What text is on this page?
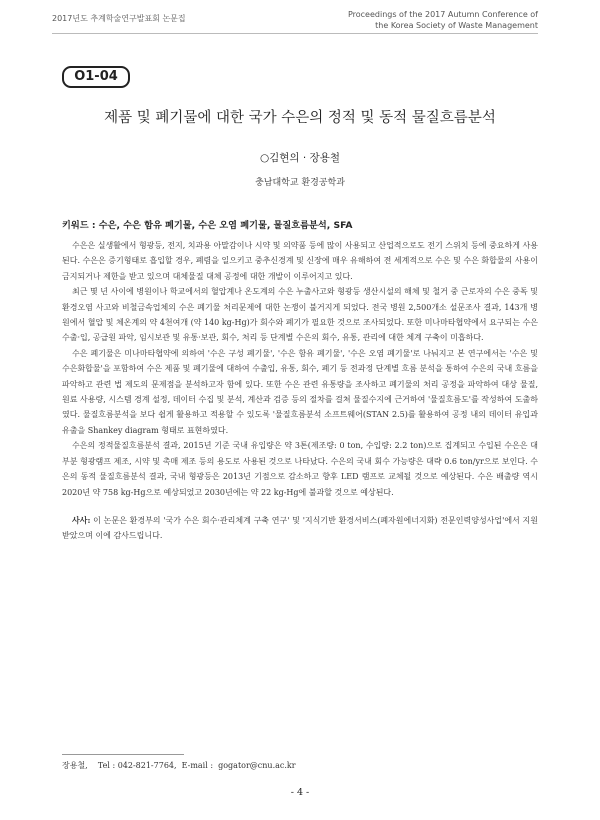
2017년도 추계학술연구발표회 논문집	Proceedings of the 2017 Autumn Conference of
the Korea Society of Waste Management
O1-04
제품 및 폐기물에 대한 국가 수은의 정적 및 동적 물질흐름분석
○김현의 · 장용철
충남대학교 환경공학과
키워드 : 수은, 수은 함유 폐기물, 수은 오염 폐기물, 물질흐름분석, SFA

수은은 실생활에서 형광등, 전지, 치과용 아말감이나 시약 및 의약품 등에 많이 사용되고 산업적으로도 전기 스위치 등에 중요하게 사용된다. 수은은 증기형태로 흡입할 경우, 폐렴을 일으키고 중추신경계 및 신장에 매우 유해하여 전 세계적으로 수은 및 수은 화합물의 사용이 금지되거나 제한을 받고 있으며 대체물질 대체 공정에 대한 개발이 이루어지고 있다.

최근 몇 년 사이에 병원이나 학교에서의 혈압계나 온도계의 수은 누출사고와 형광등 생산시설의 해체 및 철거 중 근로자의 수은 중독 및 환경오염 사고와 비철금속업체의 수은 폐기물 처리문제에 대한 논쟁이 불거지게 되었다. 전국 병원 2,500개소 설문조사 결과, 143개 병원에서 혈압 및 체온계의 약 4천여개 (약 140 kg-Hg)가 회수와 폐기가 필요한 것으로 조사되었다. 또한 미나마타협약에서 요구되는 수은 수출·입, 공급원 파악, 임시보관 및 유통·보관, 회수, 처리 등 단계별 수은의 회수, 유통, 관리에 대한 체계 구축이 미흡하다.

수은 폐기물은 미나마타협약에 의하여 '수은 구성 폐기물', '수은 함유 폐기물', '수은 오염 폐기물'로 나눠지고 본 연구에서는 '수은 및 수은화합물'을 포함하여 수은 제품 및 폐기물에 대하여 수출입, 유통, 회수, 폐기 등 전과정 단계별 흐름 분석을 통하여 수은의 국내 흐름을 파악하고 관련 법 제도의 문제점을 분석하고자 함에 있다. 또한 수은 관련 유통량을 조사하고 폐기물의 처리 공정을 파악하여 대상 물질, 원료 사용량, 시스템 경계 설정, 데이터 수집 및 분석, 계산과 검증 등의 절차를 걸쳐 물질수지에 근거하여 '물질흐름도'를 작성하여 도출하였다. 물질흐름분석을 보다 쉽게 활용하고 적용할 수 있도록 '물질흐름분석 소프트웨어(STAN 2.5)를 활용하여 공정 내의 데이터 유입과 유출을 Shankey diagram 형태로 표현하였다.

수은의 정적물질흐름분석 결과, 2015년 기준 국내 유입량은 약 3톤(제조량: 0 ton, 수입량: 2.2 ton)으로 집계되고 수입된 수은은 대부분 형광램프 제조, 시약 및 촉매 제조 등의 용도로 사용된 것으로 나타났다. 수은의 국내 회수 가능량은 대략 0.6 ton/yr으로 보인다. 수은의 동적 물질흐름분석 결과, 국내 형광등은 2013년 기점으로 감소하고 향후 LED 램프로 교체될 것으로 예상된다. 수은 배출량 역시 2020년 약 758 kg-Hg으로 예상되었고 2030년에는 약 22 kg-Hg에 불과할 것으로 예상된다.

사사: 이 논문은 환경부의 '국가 수은 회수·관리체계 구축 연구' 및 '지식기반 환경서비스(폐자원에너지화) 전문인력양성사업'에서 지원받았으며 이에 감사드립니다.

장용철,    Tel : 042-821-7764,  E-mail :  gogator@cnu.ac.kr
- 4 -
